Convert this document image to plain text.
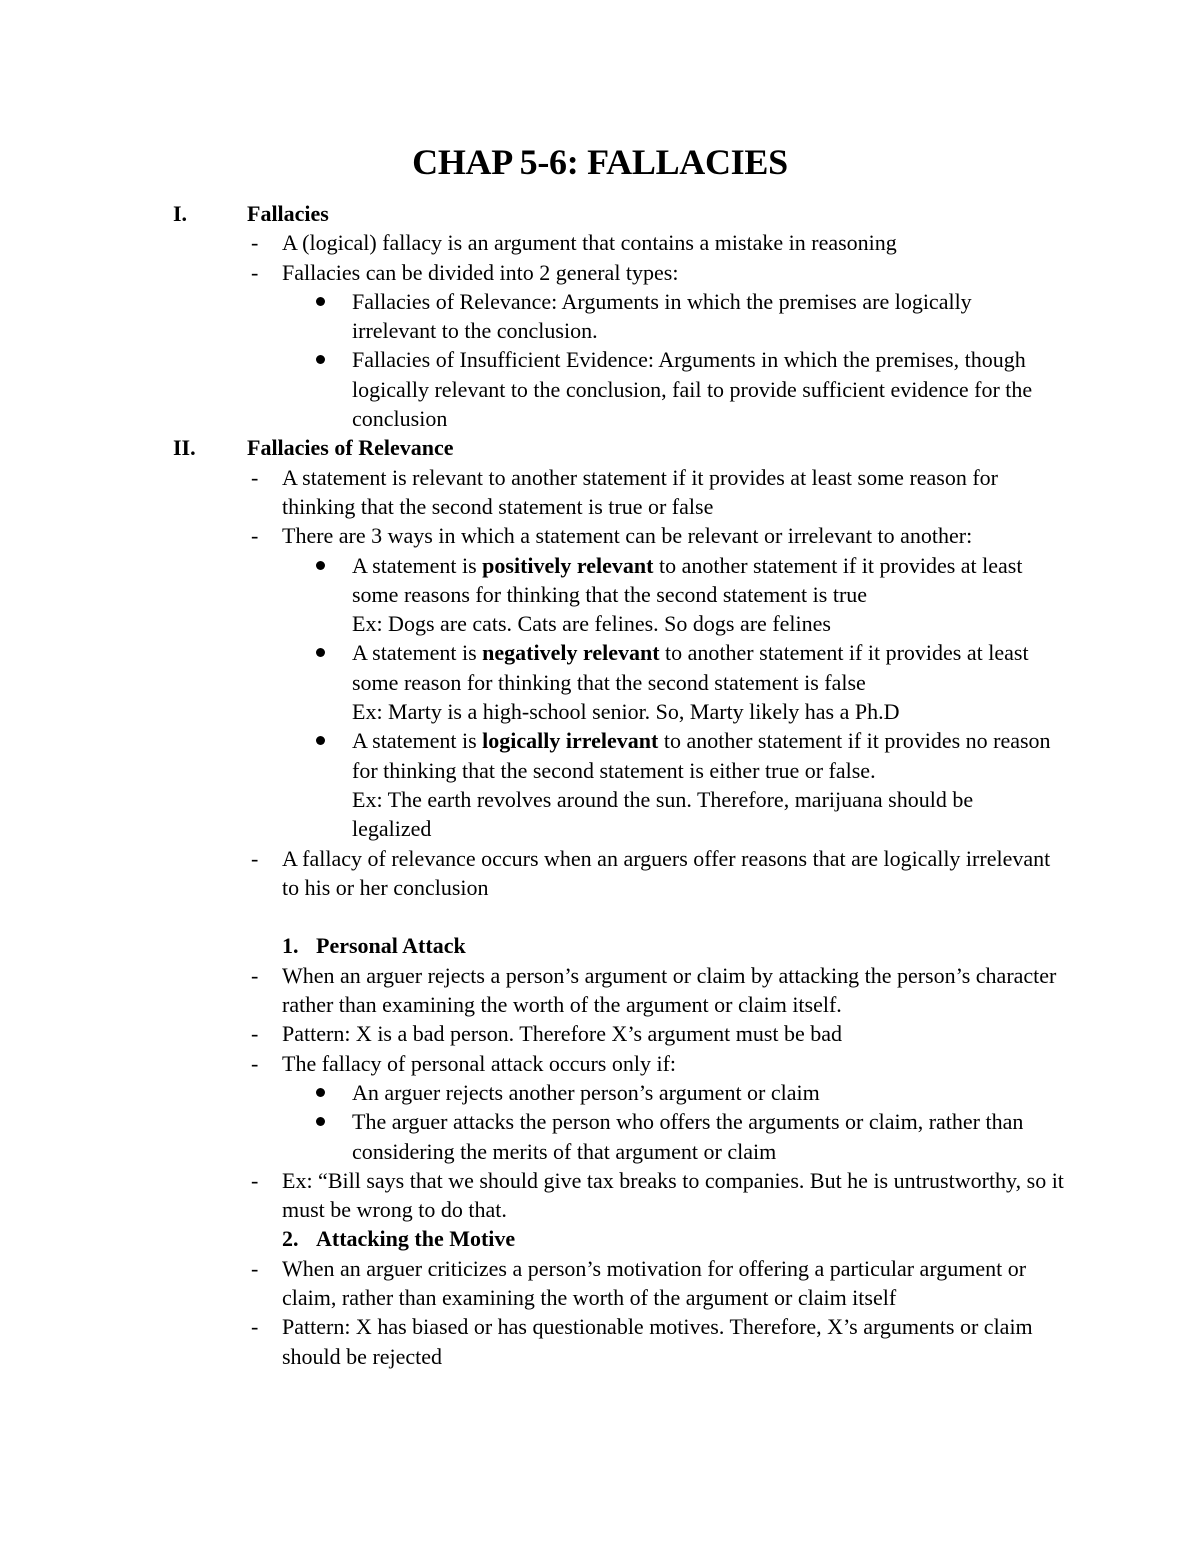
CHAP 5-6: FALLACIES
I.	Fallacies
- A (logical) fallacy is an argument that contains a mistake in reasoning
- Fallacies can be divided into 2 general types:
Fallacies of Relevance: Arguments in which the premises are logically irrelevant to the conclusion.
Fallacies of Insufficient Evidence: Arguments in which the premises, though logically relevant to the conclusion, fail to provide sufficient evidence for the conclusion
II. Fallacies of Relevance
- A statement is relevant to another statement if it provides at least some reason for thinking that the second statement is true or false
- There are 3 ways in which a statement can be relevant or irrelevant to another:
A statement is positively relevant to another statement if it provides at least some reasons for thinking that the second statement is true
Ex: Dogs are cats. Cats are felines. So dogs are felines
A statement is negatively relevant to another statement if it provides at least some reason for thinking that the second statement is false
Ex: Marty is a high-school senior. So, Marty likely has a Ph.D
A statement is logically irrelevant to another statement if it provides no reason for thinking that the second statement is either true or false.
Ex: The earth revolves around the sun. Therefore, marijuana should be legalized
- A fallacy of relevance occurs when an arguers offer reasons that are logically irrelevant to his or her conclusion
1. Personal Attack
- When an arguer rejects a person’s argument or claim by attacking the person’s character rather than examining the worth of the argument or claim itself.
- Pattern: X is a bad person. Therefore X’s argument must be bad
- The fallacy of personal attack occurs only if:
An arguer rejects another person’s argument or claim
The arguer attacks the person who offers the arguments or claim, rather than considering the merits of that argument or claim
- Ex: “Bill says that we should give tax breaks to companies. But he is untrustworthy, so it must be wrong to do that.
2. Attacking the Motive
- When an arguer criticizes a person’s motivation for offering a particular argument or claim, rather than examining the worth of the argument or claim itself
- Pattern: X has biased or has questionable motives. Therefore, X’s arguments or claim should be rejected
